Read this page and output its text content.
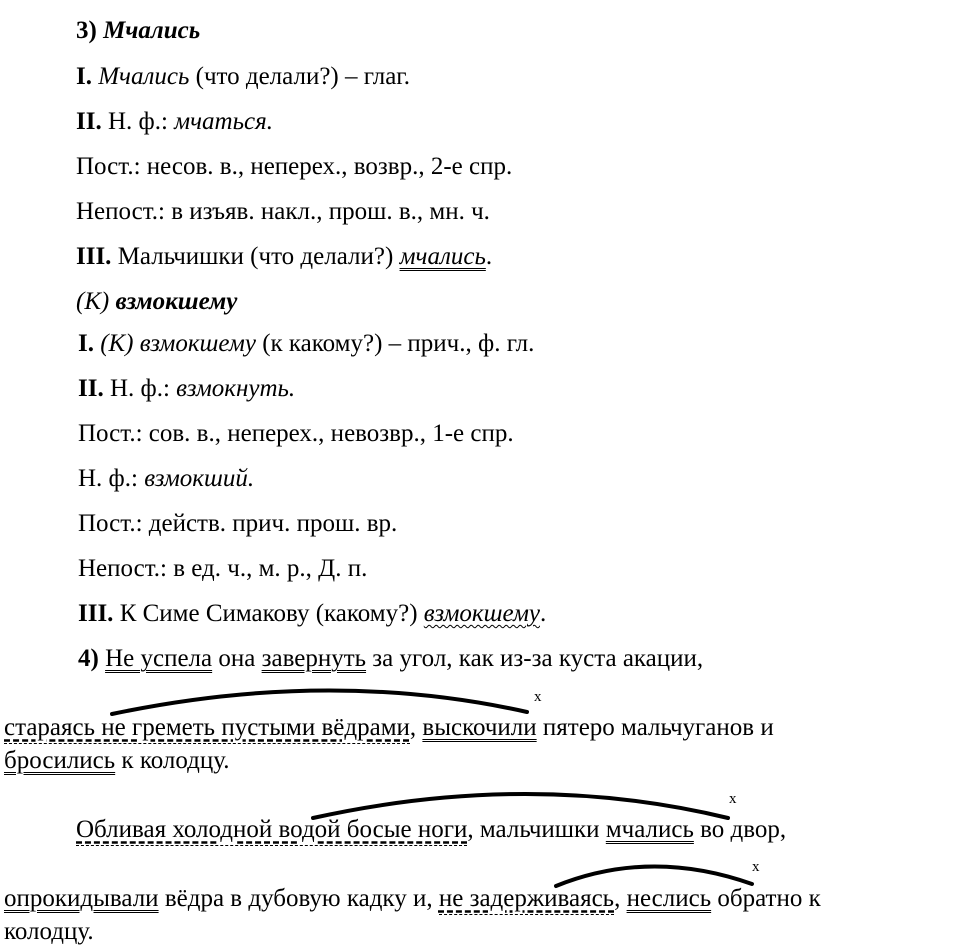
3) Мчались
I. Мчались (что делали?) – глаг.
II. Н. ф.: мчаться.
Пост.: несов. в., неперех., возвр., 2-е спр.
Непост.: в изъяв. накл., прош. в., мн. ч.
III. Мальчишки (что делали?) мчались.
(К) взмокшему
I. (К) взмокшему (к какому?) – прич., ф. гл.
II. Н. ф.: взмокнуть.
Пост.: сов. в., неперех., невозвр., 1-е спр.
Н. ф.: взмокший.
Пост.: действ. прич. прош. вр.
Непост.: в ед. ч., м. р., Д. п.
III. К Симе Симакову (какому?) взмокшему.
4) Не успела она завернуть за угол, как из-за куста акации,
стараясь не греметь пустыми вёдрами, выскочили пятеро мальчуганов и
бросились к колодцу.
Обливая холодной водой босые ноги, мальчишки мчались во двор,
опрокидывали вёдра в дубовую кадку и, не задерживаясь, неслись обратно к
колодцу.
x
x
x
